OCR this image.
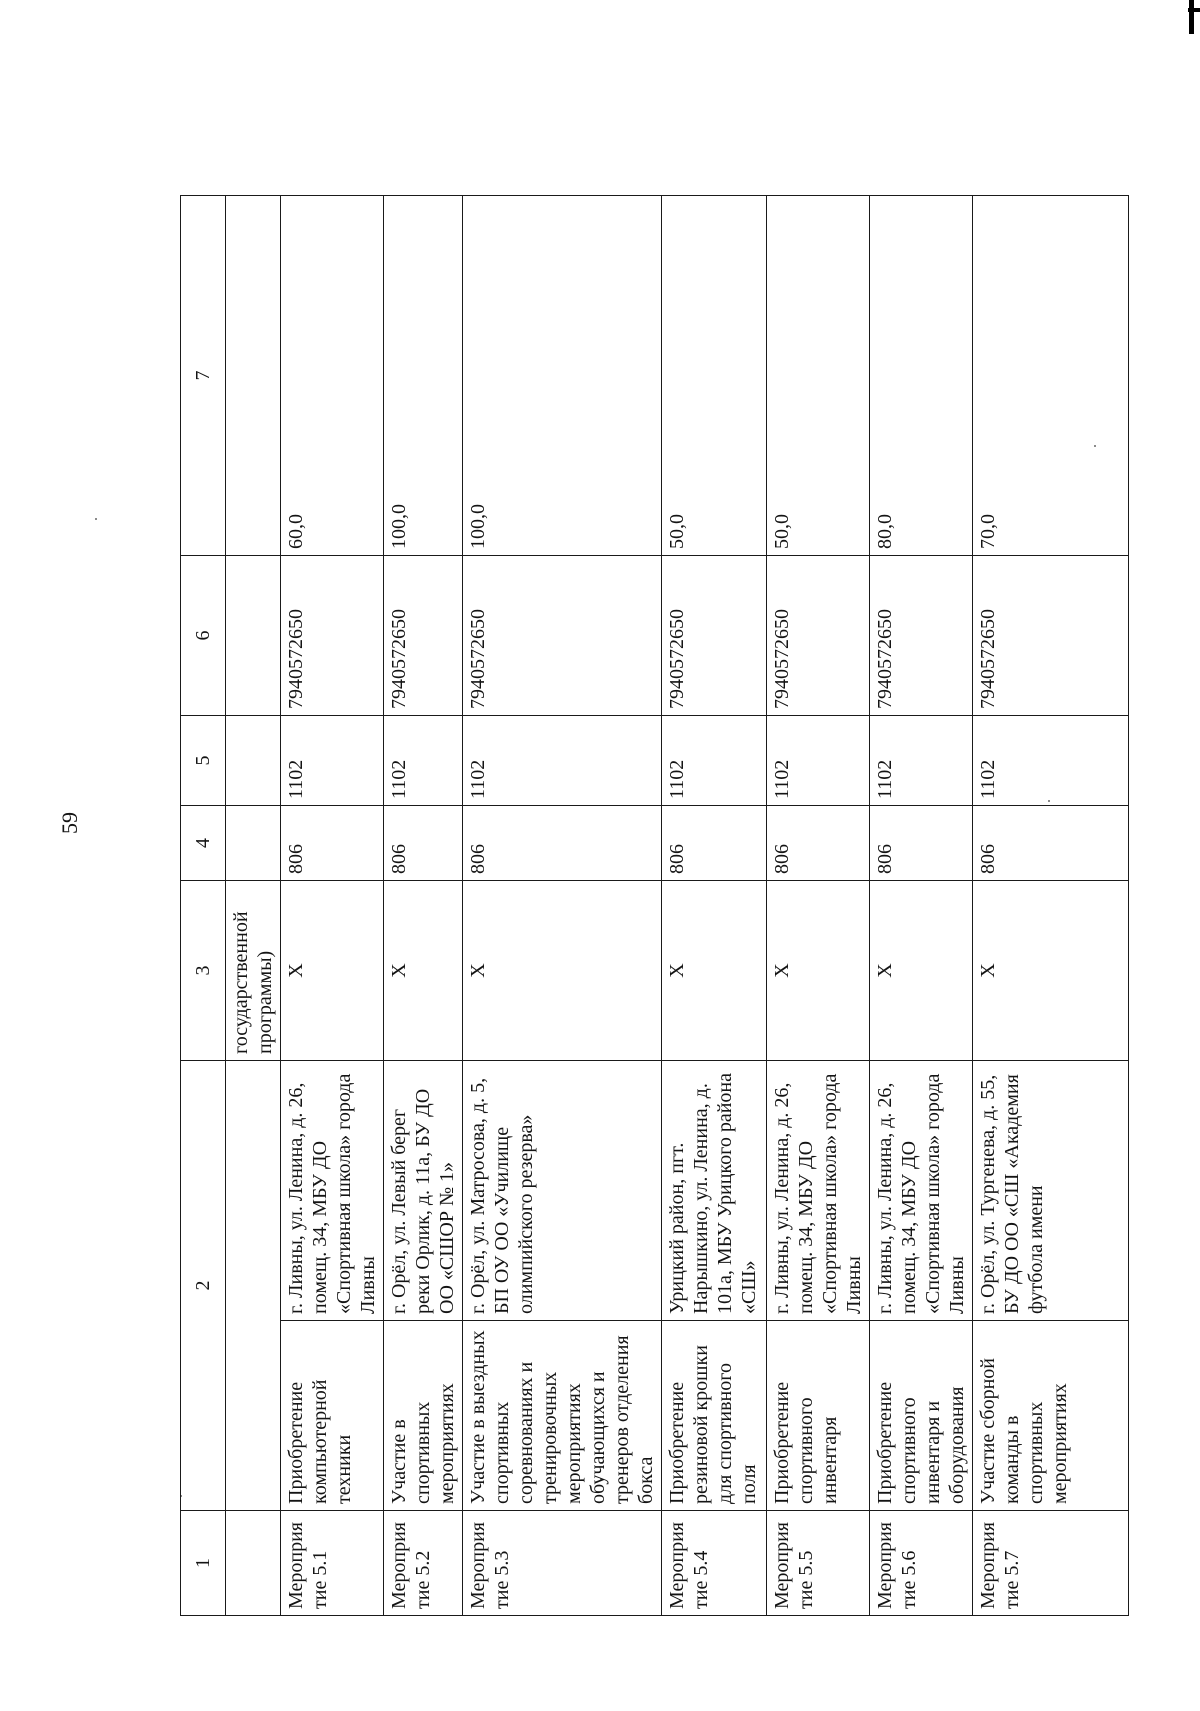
59
1	2		3	4	5	6	7
			государственной программы)				
Мероприятие 5.1	Приобретение компьютерной техники	г. Ливны, ул. Ленина, д. 26, помещ. 34, МБУ ДО «Спортивная школа» города Ливны	X	806	1102	7940572650	60,0
Мероприятие 5.2	Участие в спортивных мероприятиях	г. Орёл, ул. Левый берег реки Орлик, д. 11а, БУ ДО ОО «СШОР № 1»	X	806	1102	7940572650	100,0
Мероприятие 5.3	Участие в выездных спортивных соревнованиях и тренировочных мероприятиях обучающихся и тренеров отделения бокса	г. Орёл, ул. Матросова, д. 5, БП ОУ ОО «Училище олимпийского резерва»	X	806	1102	7940572650	100,0
Мероприятие 5.4	Приобретение резиновой крошки для спортивного поля	Урицкий район, пгт. Нарышкино, ул. Ленина, д. 101а, МБУ Урицкого района «СШ»	X	806	1102	7940572650	50,0
Мероприятие 5.5	Приобретение спортивного инвентаря	г. Ливны, ул. Ленина, д. 26, помещ. 34, МБУ ДО «Спортивная школа» города Ливны	X	806	1102	7940572650	50,0
Мероприятие 5.6	Приобретение спортивного инвентаря и оборудования	г. Ливны, ул. Ленина, д. 26, помещ. 34, МБУ ДО «Спортивная школа» города Ливны	X	806	1102	7940572650	80,0
Мероприятие 5.7	Участие сборной команды в спортивных мероприятиях	г. Орёл, ул. Тургенева, д. 55, БУ ДО ОО «СШ «Академия футбола имени	X	806	1102	7940572650	70,0
